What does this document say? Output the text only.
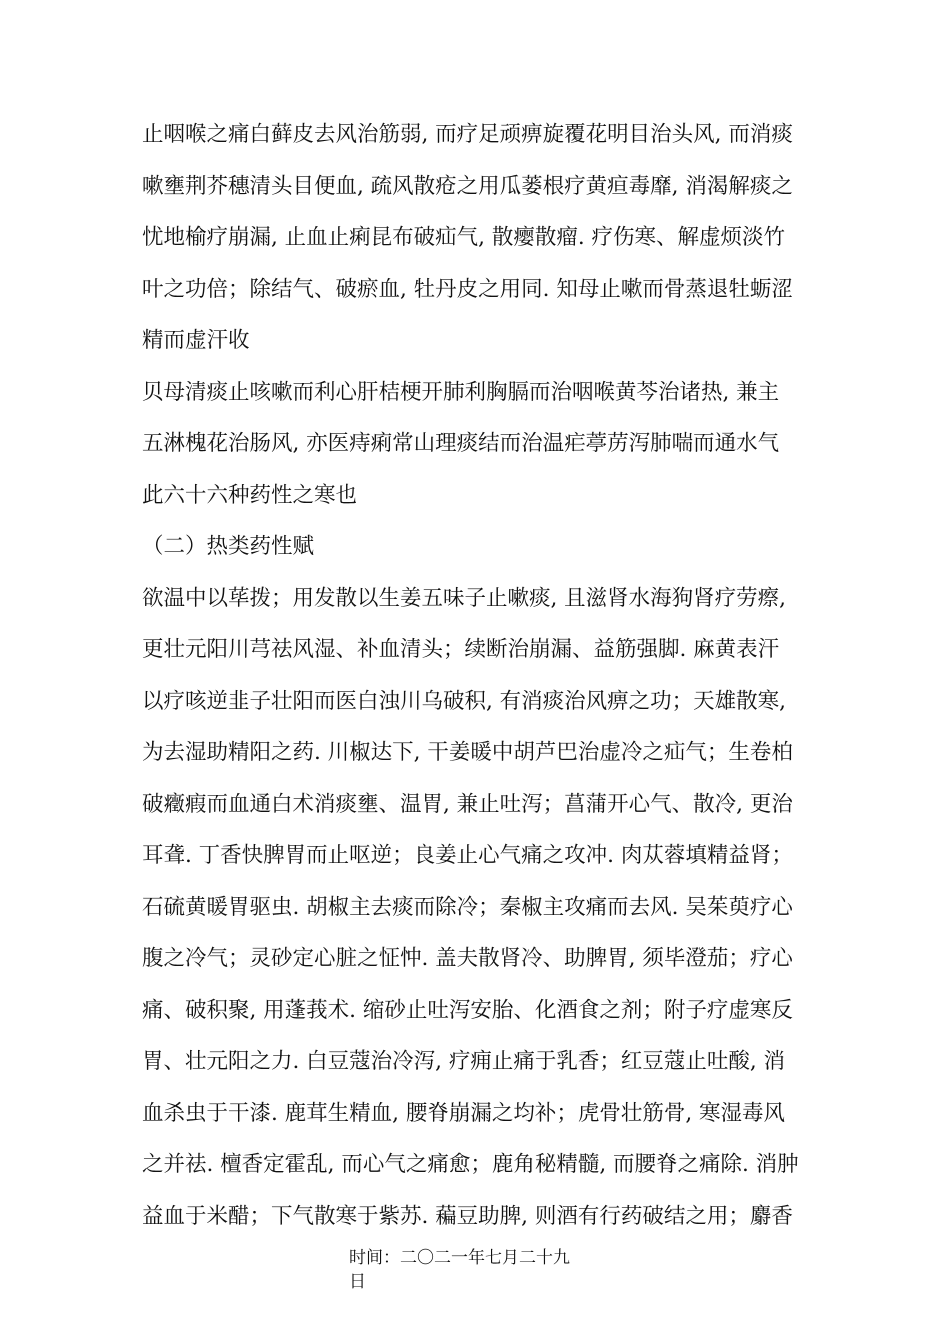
止咽喉之痛白藓皮去风治筋弱, 而疗足顽痹旋覆花明目治头风, 而消痰
嗽壅荆芥穗清头目便血, 疏风散疮之用瓜蒌根疗黄疸毒靡, 消渴解痰之
忧地榆疗崩漏, 止血止痢昆布破疝气, 散瘿散瘤. 疗伤寒、解虚烦淡竹
叶之功倍；除结气、破瘀血, 牡丹皮之用同. 知母止嗽而骨蒸退牡蛎涩
精而虚汗收
贝母清痰止咳嗽而利心肝桔梗开肺利胸膈而治咽喉黄芩治诸热, 兼主
五淋槐花治肠风, 亦医痔痢常山理痰结而治温疟葶苈泻肺喘而通水气
此六十六种药性之寒也
（二）热类药性赋
欲温中以荜拨；用发散以生姜五味子止嗽痰, 且滋肾水海狗肾疗劳瘵,
更壮元阳川芎祛风湿、补血清头；续断治崩漏、益筋强脚. 麻黄表汗
以疗咳逆韭子壮阳而医白浊川乌破积, 有消痰治风痹之功；天雄散寒,
为去湿助精阳之药. 川椒达下, 干姜暖中胡芦巴治虚冷之疝气；生卷柏
破癥瘕而血通白术消痰壅、温胃, 兼止吐泻；菖蒲开心气、散冷, 更治
耳聋. 丁香快脾胃而止呕逆；良姜止心气痛之攻冲. 肉苁蓉填精益肾；
石硫黄暖胃驱虫. 胡椒主去痰而除冷；秦椒主攻痛而去风. 吴茱萸疗心
腹之冷气；灵砂定心脏之怔忡. 盖夫散肾冷、助脾胃, 须毕澄茄；疗心
痛、破积聚, 用蓬莪术. 缩砂止吐泻安胎、化酒食之剂；附子疗虚寒反
胃、壮元阳之力. 白豆蔻治冷泻, 疗痈止痛于乳香；红豆蔻止吐酸, 消
血杀虫于干漆. 鹿茸生精血, 腰脊崩漏之均补；虎骨壮筋骨, 寒湿毒风
之并祛. 檀香定霍乱, 而心气之痛愈；鹿角秘精髓, 而腰脊之痛除. 消肿
益血于米醋；下气散寒于紫苏. 藊豆助脾, 则酒有行药破结之用；麝香
时间：二〇二一年七月二十九
日
